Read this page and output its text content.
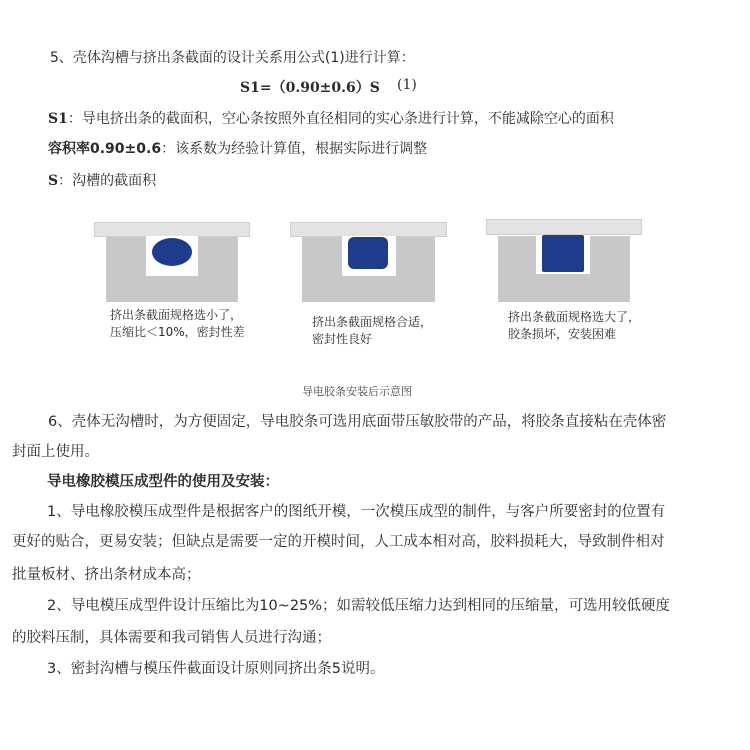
5、壳体沟槽与挤出条截面的设计关系用公式(1)进行计算：
S1=（0.90±0.6）S (1)
S1：导电挤出条的截面积，空心条按照外直径相同的实心条进行计算，不能减除空心的面积
容积率0.90±0.6：该系数为经验计算值，根据实际进行调整
S：沟槽的截面积
挤出条截面规格选小了，压缩比＜10%，密封性差
挤出条截面规格合适，密封性良好
挤出条截面规格选大了，胶条损坏，安装困难
导电胶条安装后示意图
6、壳体无沟槽时，为方便固定，导电胶条可选用底面带压敏胶带的产品，将胶条直接粘在壳体密
封面上使用。
导电橡胶模压成型件的使用及安装：
1、导电橡胶模压成型件是根据客户的图纸开模，一次模压成型的制件，与客户所要密封的位置有
更好的贴合，更易安装；但缺点是需要一定的开模时间，人工成本相对高，胶料损耗大，导致制件相对
批量板材、挤出条材成本高；
2、导电模压成型件设计压缩比为10~25%；如需较低压缩力达到相同的压缩量，可选用较低硬度
的胶料压制，具体需要和我司销售人员进行沟通；
3、密封沟槽与模压件截面设计原则同挤出条5说明。
